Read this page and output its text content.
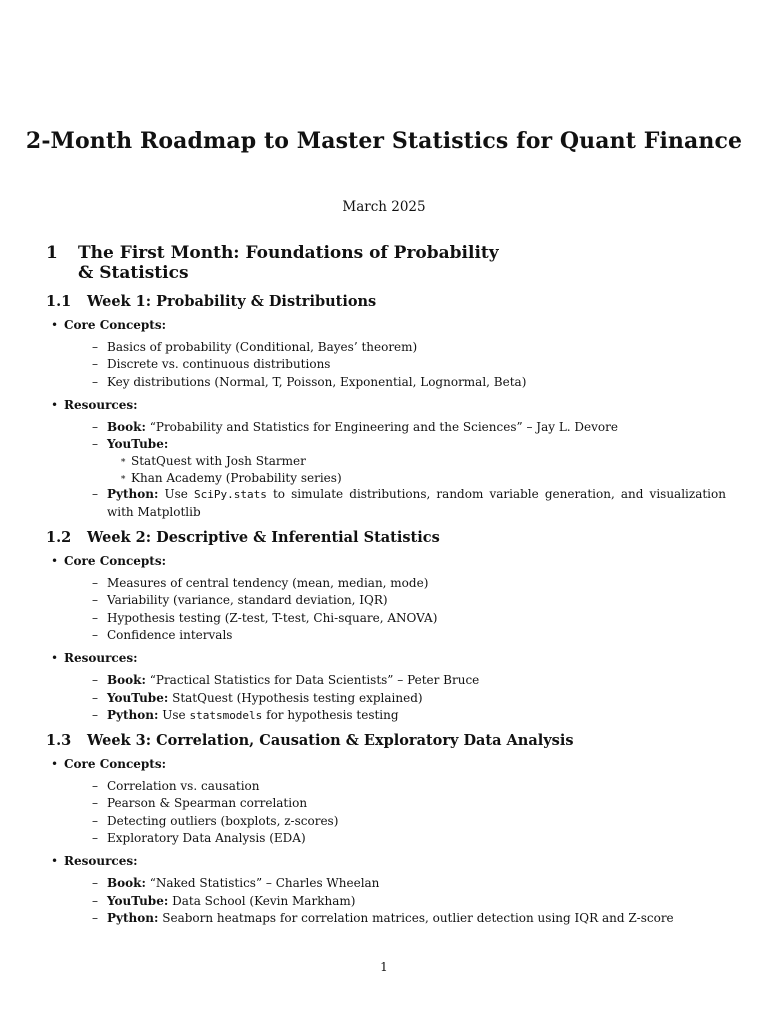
2-Month Roadmap to Master Statistics for Quant Finance
March 2025
1	The First Month: Foundations of Probability & Statistics
1.1	Week 1: Probability & Distributions
• Core Concepts:
– Basics of probability (Conditional, Bayes’ theorem)
– Discrete vs. continuous distributions
– Key distributions (Normal, T, Poisson, Exponential, Lognormal, Beta)
• Resources:
– Book: “Probability and Statistics for Engineering and the Sciences” – Jay L. Devore
– YouTube:
∗ StatQuest with Josh Starmer
∗ Khan Academy (Probability series)
– Python: Use SciPy.stats to simulate distributions, random variable generation, and visualization with Matplotlib
1.2	Week 2: Descriptive & Inferential Statistics
• Core Concepts:
– Measures of central tendency (mean, median, mode)
– Variability (variance, standard deviation, IQR)
– Hypothesis testing (Z-test, T-test, Chi-square, ANOVA)
– Confidence intervals
• Resources:
– Book: “Practical Statistics for Data Scientists” – Peter Bruce
– YouTube: StatQuest (Hypothesis testing explained)
– Python: Use statsmodels for hypothesis testing
1.3	Week 3: Correlation, Causation & Exploratory Data Analysis
• Core Concepts:
– Correlation vs. causation
– Pearson & Spearman correlation
– Detecting outliers (boxplots, z-scores)
– Exploratory Data Analysis (EDA)
• Resources:
– Book: “Naked Statistics” – Charles Wheelan
– YouTube: Data School (Kevin Markham)
– Python: Seaborn heatmaps for correlation matrices, outlier detection using IQR and Z-score
1
